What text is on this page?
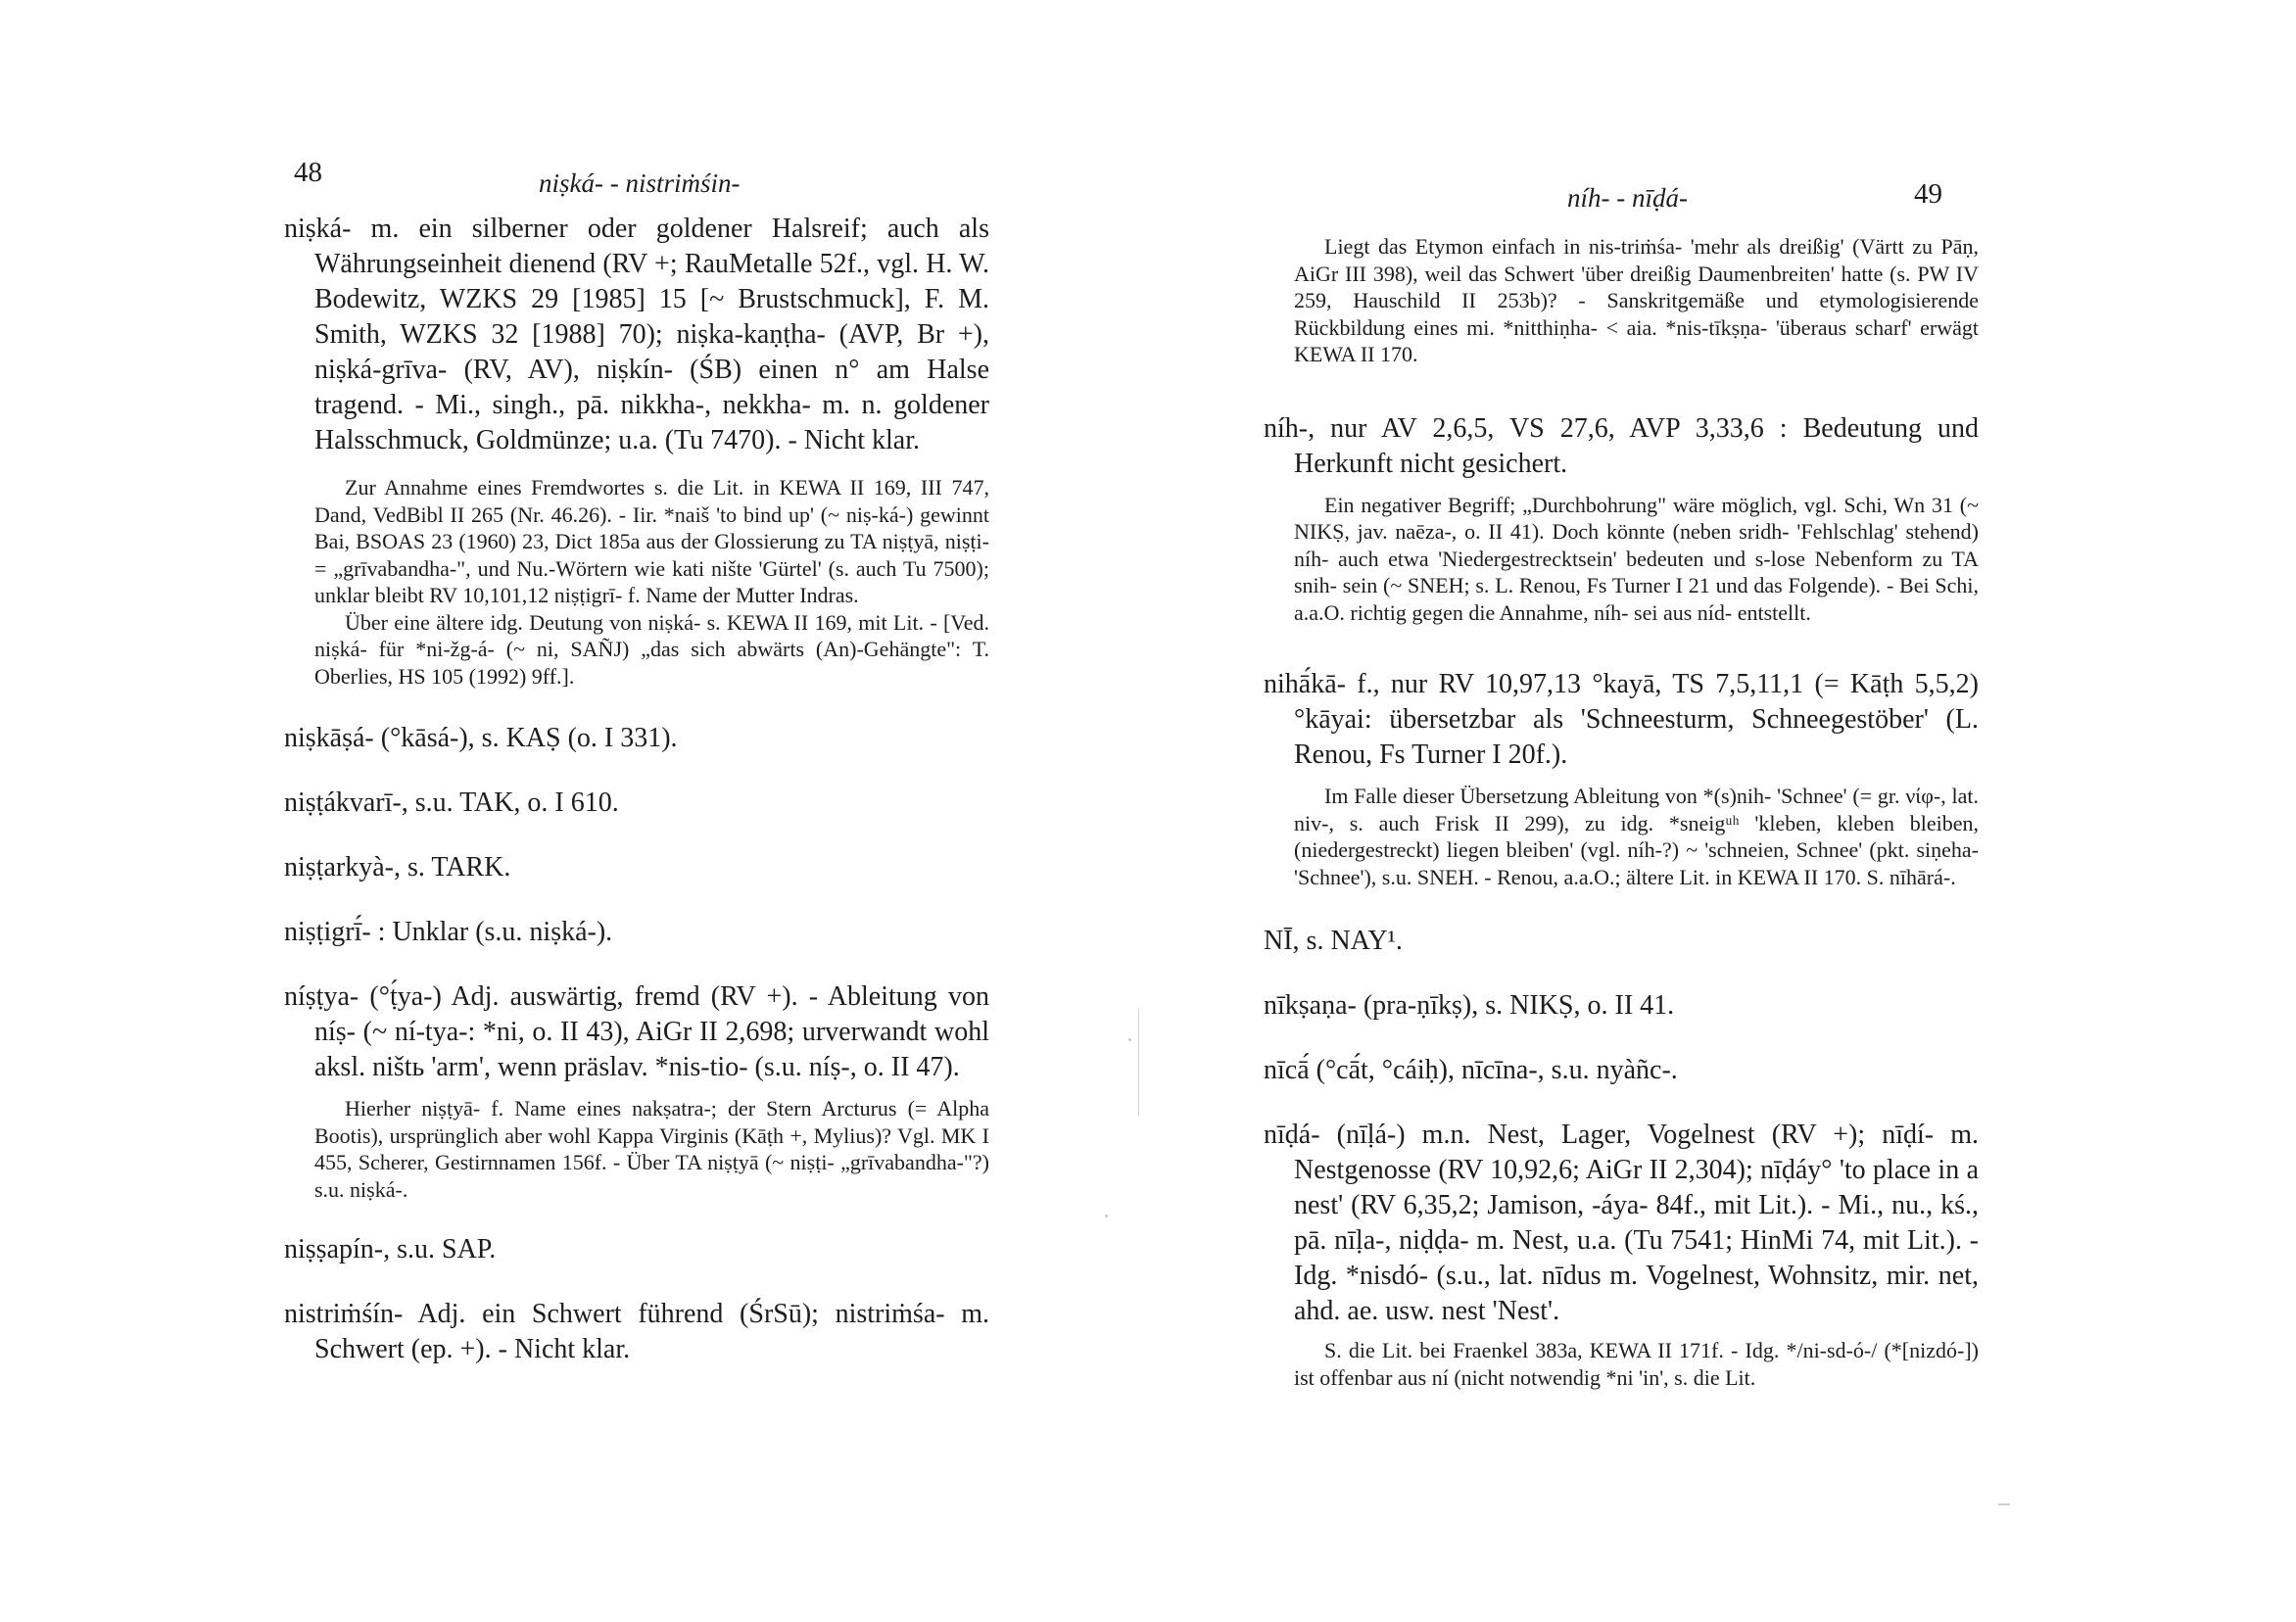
48	niṣká- - nistriṁśin-

niṣká- m. ein silberner oder goldener Halsreif; auch als Währungseinheit dienend (RV +; RauMetalle 52f., vgl. H. W. Bodewitz, WZKS 29 [1985] 15 [~ Brustschmuck], F. M. Smith, WZKS 32 [1988] 70); niṣka-kaṇṭha- (AVP, Br +), niṣká-grīva- (RV, AV), niṣkín- (ŚB) einen n° am Halse tragend. - Mi., singh., pā. nikkha-, nekkha- m. n. goldener Halsschmuck, Goldmünze; u.a. (Tu 7470). - Nicht klar.

Zur Annahme eines Fremdwortes s. die Lit. in KEWA II 169, III 747, Dand, VedBibl II 265 (Nr. 46.26). - Iir. *naiš 'to bind up' (~ niṣ-ká-) gewinnt Bai, BSOAS 23 (1960) 23, Dict 185a aus der Glossierung zu TA niṣṭyā, niṣṭi- = „grīvabandha-", und Nu.-Wörtern wie kati nište 'Gürtel' (s. auch Tu 7500); unklar bleibt RV 10,101,12 niṣṭigrī- f. Name der Mutter Indras.

Über eine ältere idg. Deutung von niṣká- s. KEWA II 169, mit Lit. - [Ved. niṣká- für *ni-žg-á- (~ ni, SAÑJ) „das sich abwärts (An)-Gehängte": T. Oberlies, HS 105 (1992) 9ff.].

niṣkāṣá- (°kāsá-), s. KAṢ (o. I 331).

niṣṭákvarī-, s.u. TAK, o. I 610.

niṣṭarkyà-, s. TARK.

niṣṭigrī́- : Unklar (s.u. niṣká-).

níṣṭya- (°ṭ́ya-) Adj. auswärtig, fremd (RV +). - Ableitung von níṣ- (~ ní-tya-: *ni, o. II 43), AiGr II 2,698; urverwandt wohl aksl. ništь 'arm', wenn präslav. *nis-tio- (s.u. níṣ-, o. II 47).

Hierher niṣṭyā- f. Name eines nakṣatra-; der Stern Arcturus (= Alpha Bootis), ursprünglich aber wohl Kappa Virginis (Kāṭh +, Mylius)? Vgl. MK I 455, Scherer, Gestirnnamen 156f. - Über TA niṣṭyā (~ niṣṭi- „grīvabandha-"?) s.u. niṣká-.

niṣṣapín-, s.u. SAP.

nistriṁśín- Adj. ein Schwert führend (ŚrSū); nistriṁśa- m. Schwert (ep. +). - Nicht klar.

níh- - nīḍá-	49

Liegt das Etymon einfach in nis-triṁśa- 'mehr als dreißig' (Värtt zu Pāṇ, AiGr III 398), weil das Schwert 'über dreißig Daumenbreiten' hatte (s. PW IV 259, Hauschild II 253b)? - Sanskritgemäße und etymologisierende Rückbildung eines mi. *nitthiṇha- < aia. *nis-tīkṣṇa- 'überaus scharf' erwägt KEWA II 170.

níh-, nur AV 2,6,5, VS 27,6, AVP 3,33,6 : Bedeutung und Herkunft nicht gesichert.

Ein negativer Begriff; „Durchbohrung" wäre möglich, vgl. Schi, Wn 31 (~ NIKṢ, jav. naēza-, o. II 41). Doch könnte (neben sridh- 'Fehlschlag' stehend) níh- auch etwa 'Niedergestrecktsein' bedeuten und s-lose Nebenform zu TA snih- sein (~ SNEH; s. L. Renou, Fs Turner I 21 und das Folgende). - Bei Schi, a.a.O. richtig gegen die Annahme, níh- sei aus níd- entstellt.

nihā́kā- f., nur RV 10,97,13 °kayā, TS 7,5,11,1 (= Kāṭh 5,5,2) °kāyai: übersetzbar als 'Schneesturm, Schneegestöber' (L. Renou, Fs Turner I 20f.).

Im Falle dieser Übersetzung Ableitung von *(s)nih- 'Schnee' (= gr. νίφ-, lat. niv-, s. auch Frisk II 299), zu idg. *sneigᵘʰ 'kleben, kleben bleiben, (niedergestreckt) liegen bleiben' (vgl. níh-?) ~ 'schneien, Schnee' (pkt. siṇeha- 'Schnee'), s.u. SNEH. - Renou, a.a.O.; ältere Lit. in KEWA II 170. S. nīhārá-.

NĪ, s. NAY¹.

nīkṣaṇa- (pra-ṇīkṣ), s. NIKṢ, o. II 41.

nīcā́ (°cā́t, °cáiḥ), nīcīna-, s.u. nyàñc-.

nīḍá- (nīḷá-) m.n. Nest, Lager, Vogelnest (RV +); nīḍí- m. Nestgenosse (RV 10,92,6; AiGr II 2,304); nīḍáy° 'to place in a nest' (RV 6,35,2; Jamison, -áya- 84f., mit Lit.). - Mi., nu., kś., pā. nīḷa-, niḍḍa- m. Nest, u.a. (Tu 7541; HinMi 74, mit Lit.). - Idg. *nisdó- (s.u., lat. nīdus m. Vogelnest, Wohnsitz, mir. net, ahd. ae. usw. nest 'Nest'.

S. die Lit. bei Fraenkel 383a, KEWA II 171f. - Idg. */ni-sd-ó-/ (*[nizdó-]) ist offenbar aus ní (nicht notwendig *ni 'in', s. die Lit.
